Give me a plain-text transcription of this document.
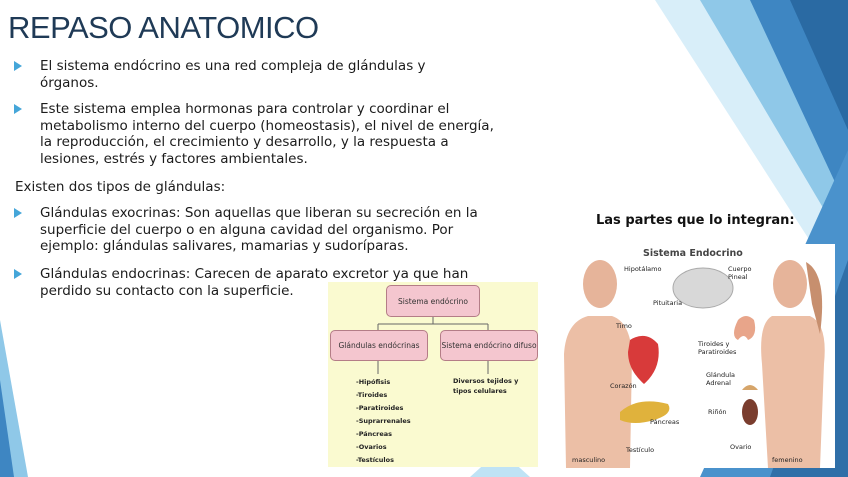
REPASO ANATOMICO
El sistema endócrino es una red compleja de glándulas y órganos.
Este sistema emplea hormonas para controlar y coordinar el metabolismo interno del cuerpo (homeostasis), el nivel de energía, la reproducción, el crecimiento y desarrollo, y la respuesta a lesiones, estrés y factores ambientales.
Existen dos tipos de glándulas:
Glándulas exocrinas: Son aquellas que liberan su secreción en la superficie del cuerpo o en alguna cavidad del organismo. Por ejemplo: glándulas salivares, mamarias y sudoríparas.
Glándulas endocrinas: Carecen de aparato excretor ya que han perdido su contacto con la superficie.
Las partes que lo integran:
Sistema endócrino
Glándulas endócrinas	Sistema endócrino difuso
-Hipófisis
-Tiroides
-Paratiroides
-Suprarrenales
-Páncreas
-Ovarios
-Testículos
Diversos tejidos y tipos celulares
Sistema Endocrino
Hipotálamo	Cuerpo Pineal
Pituitaria
Timo
Tiroides y Paratiroides
Glándula Adrenal
Corazón
Riñón
Páncreas
Ovario
Testículo
masculino	femenino
